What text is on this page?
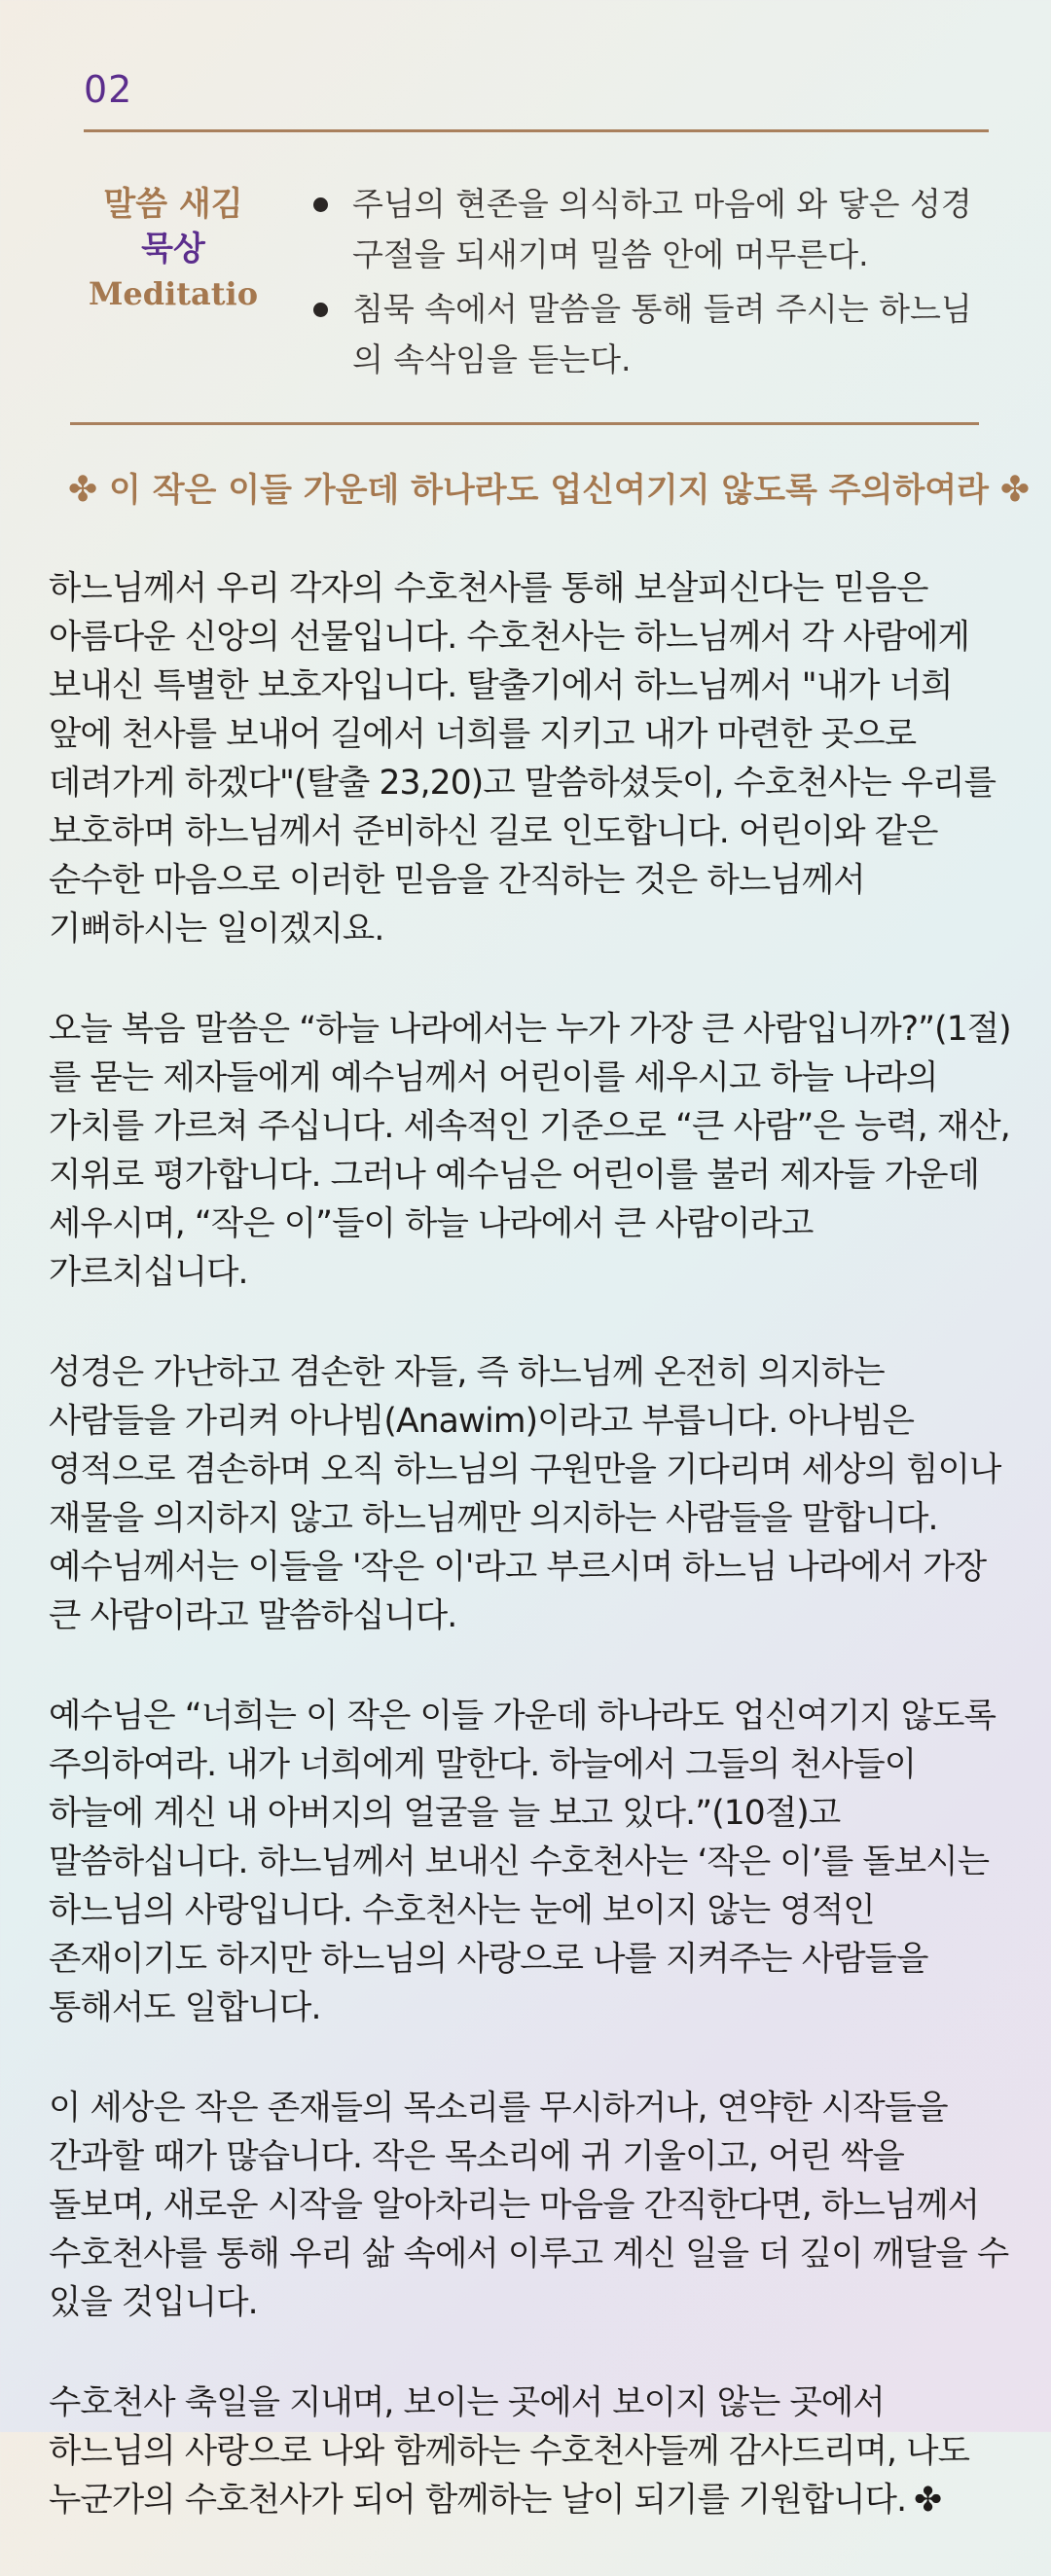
02
말씀 새김
묵상
Meditatio
주님의 현존을 의식하고 마음에 와 닿은 성경구절을 되새기며 밀씀 안에 머무른다.
침묵 속에서 말씀을 통해 들려 주시는 하느님의 속삭임을 듣는다.
✤ 이 작은 이들 가운데 하나라도 업신여기지 않도록 주의하여라 ✤

하느님께서 우리 각자의 수호천사를 통해 보살피신다는 믿음은 아름다운 신앙의 선물입니다. 수호천사는 하느님께서 각 사람에게 보내신 특별한 보호자입니다. 탈출기에서 하느님께서 "내가 너희 앞에 천사를 보내어 길에서 너희를 지키고 내가 마련한 곳으로 데려가게 하겠다"(탈출 23,20)고 말씀하셨듯이, 수호천사는 우리를 보호하며 하느님께서 준비하신 길로 인도합니다. 어린이와 같은 순수한 마음으로 이러한 믿음을 간직하는 것은 하느님께서 기뻐하시는 일이겠지요.

오늘 복음 말씀은 “하늘 나라에서는 누가 가장 큰 사람입니까?”(1절)를 묻는 제자들에게 예수님께서 어린이를 세우시고 하늘 나라의 가치를 가르쳐 주십니다. 세속적인 기준으로 “큰 사람”은 능력, 재산, 지위로 평가합니다. 그러나 예수님은 어린이를 불러 제자들 가운데 세우시며, “작은 이”들이 하늘 나라에서 큰 사람이라고 가르치십니다.

성경은 가난하고 겸손한 자들, 즉 하느님께 온전히 의지하는 사람들을 가리켜 아나빔(Anawim)이라고 부릅니다. 아나빔은 영적으로 겸손하며 오직 하느님의 구원만을 기다리며 세상의 힘이나 재물을 의지하지 않고 하느님께만 의지하는 사람들을 말합니다. 예수님께서는 이들을 '작은 이'라고 부르시며 하느님 나라에서 가장 큰 사람이라고 말씀하십니다.

예수님은 “너희는 이 작은 이들 가운데 하나라도 업신여기지 않도록 주의하여라. 내가 너희에게 말한다. 하늘에서 그들의 천사들이 하늘에 계신 내 아버지의 얼굴을 늘 보고 있다.”(10절)고 말씀하십니다. 하느님께서 보내신 수호천사는 ‘작은 이’를 돌보시는 하느님의 사랑입니다. 수호천사는 눈에 보이지 않는 영적인 존재이기도 하지만 하느님의 사랑으로 나를 지켜주는 사람들을 통해서도 일합니다.

이 세상은 작은 존재들의 목소리를 무시하거나, 연약한 시작들을 간과할 때가 많습니다. 작은 목소리에 귀 기울이고, 어린 싹을 돌보며, 새로운 시작을 알아차리는 마음을 간직한다면, 하느님께서 수호천사를 통해 우리 삶 속에서 이루고 계신 일을 더 깊이 깨달을 수 있을 것입니다.

수호천사 축일을 지내며, 보이는 곳에서 보이지 않는 곳에서 하느님의 사랑으로 나와 함께하는 수호천사들께 감사드리며, 나도 누군가의 수호천사가 되어 함께하는 날이 되기를 기원합니다. ✤
